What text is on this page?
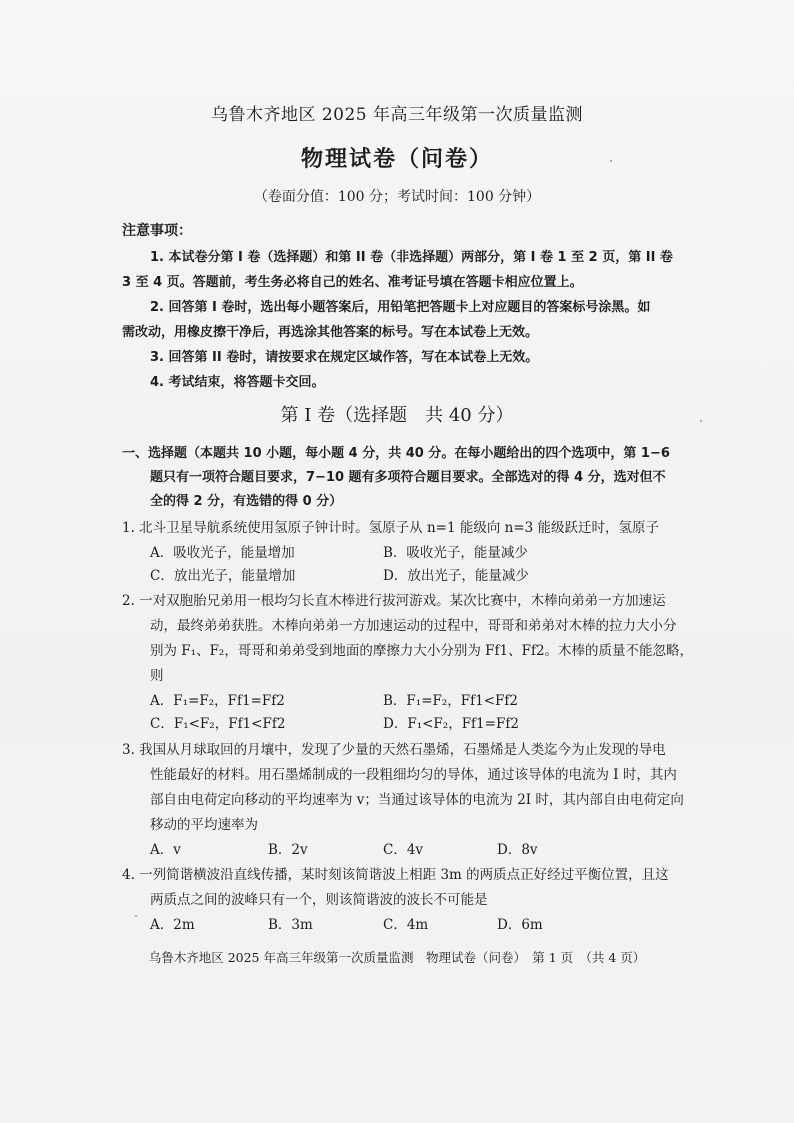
乌鲁木齐地区 2025 年高三年级第一次质量监测
物理试卷（问卷）
（卷面分值：100 分；考试时间：100 分钟）
注意事项：
1. 本试卷分第 I 卷（选择题）和第 II 卷（非选择题）两部分，第 I 卷 1 至 2 页，第 II 卷
3 至 4 页。答题前，考生务必将自己的姓名、准考证号填在答题卡相应位置上。
2. 回答第 I 卷时，选出每小题答案后，用铅笔把答题卡上对应题目的答案标号涂黑。如
需改动，用橡皮擦干净后，再选涂其他答案的标号。写在本试卷上无效。
3. 回答第 II 卷时，请按要求在规定区域作答，写在本试卷上无效。
4. 考试结束，将答题卡交回。
第 I 卷（选择题　共 40 分）
一、选择题（本题共 10 小题，每小题 4 分，共 40 分。在每小题给出的四个选项中，第 1−6
题只有一项符合题目要求，7−10 题有多项符合题目要求。全部选对的得 4 分，选对但不
全的得 2 分，有选错的得 0 分）
1. 北斗卫星导航系统使用氢原子钟计时。氢原子从 n=1 能级向 n=3 能级跃迁时，氢原子
A．吸收光子，能量增加	B．吸收光子，能量减少
C．放出光子，能量增加	D．放出光子，能量减少
2. 一对双胞胎兄弟用一根均匀长直木棒进行拔河游戏。某次比赛中，木棒向弟弟一方加速运
动，最终弟弟获胜。木棒向弟弟一方加速运动的过程中，哥哥和弟弟对木棒的拉力大小分
别为 F₁、F₂，哥哥和弟弟受到地面的摩擦力大小分别为 Ff1、Ff2。木棒的质量不能忽略，
则
A．F₁=F₂，Ff1=Ff2	B．F₁=F₂，Ff1<Ff2
C．F₁<F₂，Ff1<Ff2	D．F₁<F₂，Ff1=Ff2
3. 我国从月球取回的月壤中，发现了少量的天然石墨烯，石墨烯是人类迄今为止发现的导电
性能最好的材料。用石墨烯制成的一段粗细均匀的导体，通过该导体的电流为 I 时，其内
部自由电荷定向移动的平均速率为 v；当通过该导体的电流为 2I 时，其内部自由电荷定向
移动的平均速率为
A．v	B．2v	C．4v	D．8v
4. 一列简谐横波沿直线传播，某时刻该简谐波上相距 3m 的两质点正好经过平衡位置，且这
两质点之间的波峰只有一个，则该简谐波的波长不可能是
A．2m	B．3m	C．4m	D．6m
乌鲁木齐地区 2025 年高三年级第一次质量监测　物理试卷（问卷）　第 1 页　（共 4 页）
